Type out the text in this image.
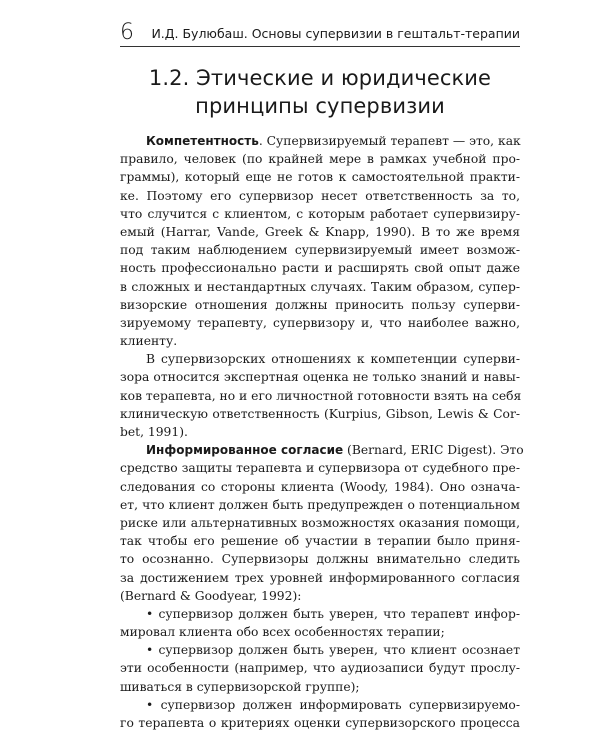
6 И.Д. Булюбаш. Основы супервизии в гештальт-терапии
1.2. Этические и юридические
принципы супервизии
Компетентность. Супервизируемый терапевт — это, как
правило, человек (по крайней мере в рамках учебной про-
граммы), который еще не готов к самостоятельной практи-
ке. Поэтому его супервизор несет ответственность за то,
что случится с клиентом, с которым работает супервизиру-
емый (Harrar, Vande, Greek & Knapp, 1990). В то же время
под таким наблюдением супервизируемый имеет возмож-
ность профессионально расти и расширять свой опыт даже
в сложных и нестандартных случаях. Таким образом, супер-
визорские отношения должны приносить пользу суперви-
зируемому терапевту, супервизору и, что наиболее важно,
клиенту.
В супервизорских отношениях к компетенции суперви-
зора относится экспертная оценка не только знаний и навы-
ков терапевта, но и его личностной готовности взять на себя
клиническую ответственность (Kurpius, Gibson, Lewis & Cor-
bet, 1991).
Информированное согласие (Bernard, ERIC Digest). Это
средство защиты терапевта и супервизора от судебного пре-
следования со стороны клиента (Woody, 1984). Оно означа-
ет, что клиент должен быть предупрежден о потенциальном
риске или альтернативных возможностях оказания помощи,
так чтобы его решение об участии в терапии было приня-
то осознанно. Супервизоры должны внимательно следить
за достижением трех уровней информированного согласия
(Bernard & Goodyear, 1992):
• супервизор должен быть уверен, что терапевт инфор-
мировал клиента обо всех особенностях терапии;
• супервизор должен быть уверен, что клиент осознает
эти особенности (например, что аудиозаписи будут прослу-
шиваться в супервизорской группе);
• супервизор должен информировать супервизируемо-
го терапевта о критериях оценки супервизорского процесса
